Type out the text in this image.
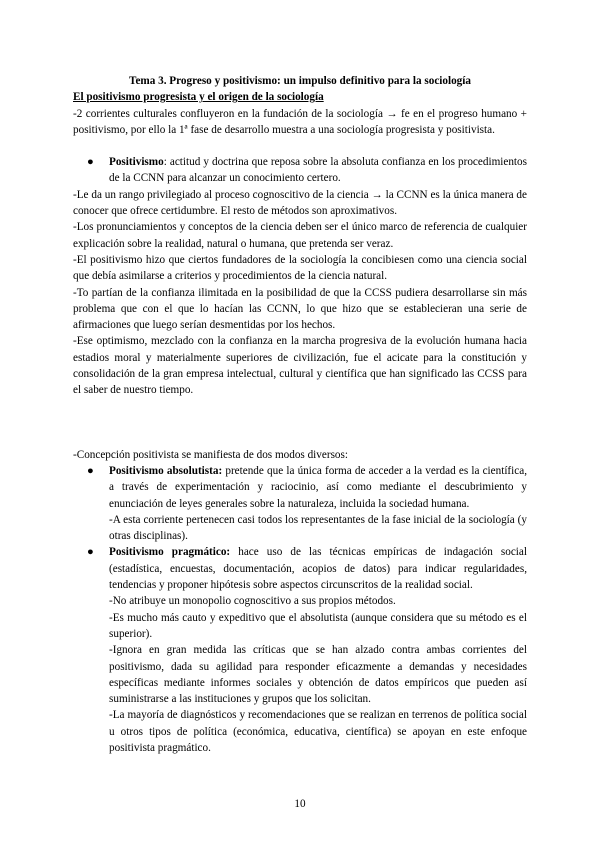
Tema 3. Progreso y positivismo: un impulso definitivo para la sociología

El positivismo progresista y el origen de la sociología

-2 corrientes culturales confluyeron en la fundación de la sociología → fe en el progreso humano + positivismo, por ello la 1ª fase de desarrollo muestra a una sociología progresista y positivista.

● Positivismo: actitud y doctrina que reposa sobre la absoluta confianza en los procedimientos de la CCNN para alcanzar un conocimiento certero.

-Le da un rango privilegiado al proceso cognoscitivo de la ciencia → la CCNN es la única manera de conocer que ofrece certidumbre. El resto de métodos son aproximativos.

-Los pronunciamientos y conceptos de la ciencia deben ser el único marco de referencia de cualquier explicación sobre la realidad, natural o humana, que pretenda ser veraz.

-El positivismo hizo que ciertos fundadores de la sociología la concibiesen como una ciencia social que debía asimilarse a criterios y procedimientos de la ciencia natural.

-To partían de la confianza ilimitada en la posibilidad de que la CCSS pudiera desarrollarse sin más problema que con el que lo hacían las CCNN, lo que hizo que se establecieran una serie de afirmaciones que luego serían desmentidas por los hechos.

-Ese optimismo, mezclado con la confianza en la marcha progresiva de la evolución humana hacia estadios moral y materialmente superiores de civilización, fue el acicate para la constitución y consolidación de la gran empresa intelectual, cultural y científica que han significado las CCSS para el saber de nuestro tiempo.

-Concepción positivista se manifiesta de dos modos diversos:

● Positivismo absolutista: pretende que la única forma de acceder a la verdad es la científica, a través de experimentación y raciocinio, así como mediante el descubrimiento y enunciación de leyes generales sobre la naturaleza, incluida la sociedad humana.
-A esta corriente pertenecen casi todos los representantes de la fase inicial de la sociología (y otras disciplinas).
● Positivismo pragmático: hace uso de las técnicas empíricas de indagación social (estadística, encuestas, documentación, acopios de datos) para indicar regularidades, tendencias y proponer hipótesis sobre aspectos circunscritos de la realidad social.
-No atribuye un monopolio cognoscitivo a sus propios métodos.
-Es mucho más cauto y expeditivo que el absolutista (aunque considera que su método es el superior).
-Ignora en gran medida las críticas que se han alzado contra ambas corrientes del positivismo, dada su agilidad para responder eficazmente a demandas y necesidades específicas mediante informes sociales y obtención de datos empíricos que pueden así suministrarse a las instituciones y grupos que los solicitan.
-La mayoría de diagnósticos y recomendaciones que se realizan en terrenos de política social u otros tipos de política (económica, educativa, científica) se apoyan en este enfoque positivista pragmático.
10
